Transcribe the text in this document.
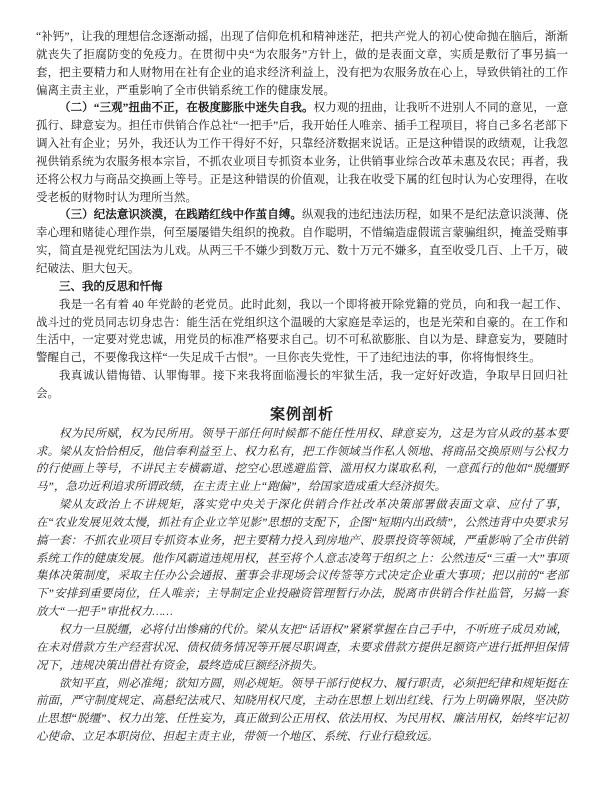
“补钙”，让我的理想信念逐渐动摇，出现了信仰危机和精神迷茫，把共产党人的初心使命抛在脑后，渐渐就丧失了拒腐防变的免疫力。在贯彻中央“为农服务”方针上，做的是表面文章，实质是敷衍了事另搞一套，把主要精力和人财物用在社有企业的追求经济利益上，没有把为农服务放在心上，导致供销社的工作偏离主责主业，严重影响了全市供销系统工作的健康发展。

（二）“三观”扭曲不正，在极度膨胀中迷失自我。权力观的扭曲，让我听不进别人不同的意见，一意孤行、肆意妄为。担任市供销合作总社“一把手”后，我开始任人唯亲、插手工程项目，将自己多名老部下调入社有企业；另外，我还认为工作干得好不好，只靠经济数据来说话。正是这种错误的政绩观，让我忽视供销系统为农服务根本宗旨，不抓农业项目专抓资本业务，让供销事业综合改革未惠及农民；再者，我还将公权力与商品交换画上等号。正是这种错误的价值观，让我在收受下属的红包时认为心安理得，在收受老板的财物时认为理所当然。

（三）纪法意识淡漠，在践踏红线中作茧自缚。纵观我的违纪违法历程，如果不是纪法意识淡薄、侥幸心理和赌徒心理作祟，何至屡屡错失组织的挽救。自作聪明，不惜编造虚假谎言蒙骗组织，掩盖受贿事实，简直是视党纪国法为儿戏。从两三千不嫌少到数万元、数十万元不嫌多，直至收受几百、上千万，破纪破法、胆大包天。

三、我的反思和忏悔

我是一名有着 40 年党龄的老党员。此时此刻，我以一个即将被开除党籍的党员，向和我一起工作、战斗过的党员同志切身忠告：能生活在党组织这个温暖的大家庭是幸运的，也是光荣和自豪的。在工作和生活中，一定要对党忠诚，用党员的标准严格要求自己。切不可私欲膨胀、自以为是、肆意妄为，要随时警醒自己，不要像我这样“一失足成千古恨”。一旦你丧失党性，干了违纪违法的事，你将悔恨终生。

我真诚认错悔错、认罪悔罪。接下来我将面临漫长的牢狱生活，我一定好好改造，争取早日回归社会。

案例剖析

权为民所赋，权为民所用。领导干部任何时候都不能任性用权、肆意妄为，这是为官从政的基本要求。梁从友恰恰相反，他信奉利益至上、权力私有，把工作领域当作私人领地、将商品交换原则与公权力的行使画上等号，不讲民主专横霸道、挖空心思逃避监管、滥用权力谋取私利，一意孤行的他如“脱缰野马”，急功近利追求所谓政绩，在主责主业上“跑偏”，给国家造成重大经济损失。

梁从友政治上不讲规矩，落实党中央关于深化供销合作社改革决策部署做表面文章、应付了事，在“农业发展见效太慢，抓社有企业立竿见影”思想的支配下，企图“短期内出政绩”，公然违背中央要求另搞一套：不抓农业项目专抓资本业务，把主要精力投入到房地产、股票投资等领域，严重影响了全市供销系统工作的健康发展。他作风霸道违规用权，甚至将个人意志凌驾于组织之上：公然违反“三重一大”事项集体决策制度，采取主任办公会通报、董事会非现场会议传签等方式决定企业重大事项；把以前的“老部下”安排到重要岗位，任人唯亲；主导制定企业投融资管理暂行办法，脱离市供销合作社监管，另搞一套放大“一把手”审批权力……

权力一旦脱缰，必将付出惨痛的代价。梁从友把“话语权”紧紧掌握在自己手中，不听班子成员劝诫，在未对借款方生产经营状况、债权债务情况等开展尽职调查，未要求借款方提供足额资产进行抵押担保情况下，违规决策出借社有资金，最终造成巨额经济损失。

欲知平直，则必准绳；欲知方圆，则必规矩。领导干部行使权力、履行职责，必须把纪律和规矩挺在前面，严守制度规定、高悬纪法戒尺、知晓用权尺度，主动在思想上划出红线、行为上明确界限，坚决防止思想“脱缰”、权力出笼、任性妄为，真正做到公正用权、依法用权、为民用权、廉洁用权，始终牢记初心使命、立足本职岗位、担起主责主业，带领一个地区、系统、行业行稳致远。
